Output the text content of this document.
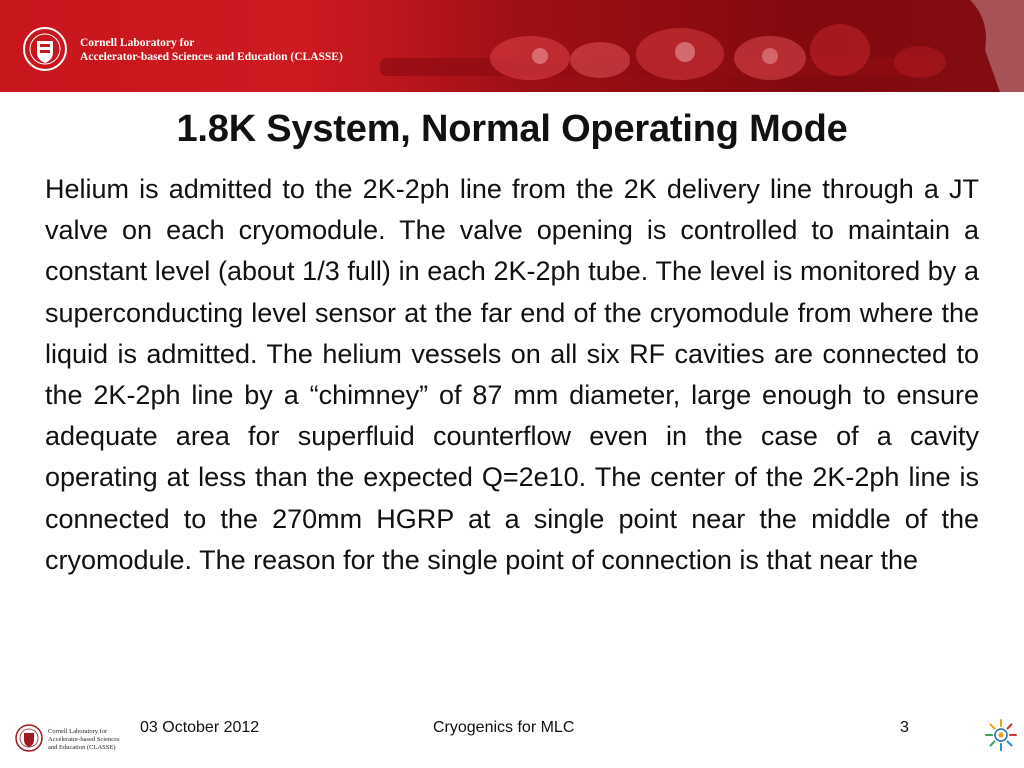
Cornell Laboratory for
Accelerator-based Sciences and Education (CLASSE)
1.8K System, Normal Operating Mode

Helium is admitted to the 2K-2ph line from the 2K delivery line through a JT valve on each cryomodule. The valve opening is controlled to maintain a constant level (about 1/3 full) in each 2K-2ph tube. The level is monitored by a superconducting level sensor at the far end of the cryomodule from where the liquid is admitted. The helium vessels on all six RF cavities are connected to the 2K-2ph line by a “chimney” of 87 mm diameter, large enough to ensure adequate area for superfluid counterflow even in the case of a cavity operating at less than the expected Q=2e10. The center of the 2K-2ph line is connected to the 270mm HGRP at a single point near the middle of the cryomodule. The reason for the single point of connection is that near the

Cornell Laboratory for
Accelerator-based Sciences
and Education (CLASSE)
03 October 2012	Cryogenics for MLC	3
